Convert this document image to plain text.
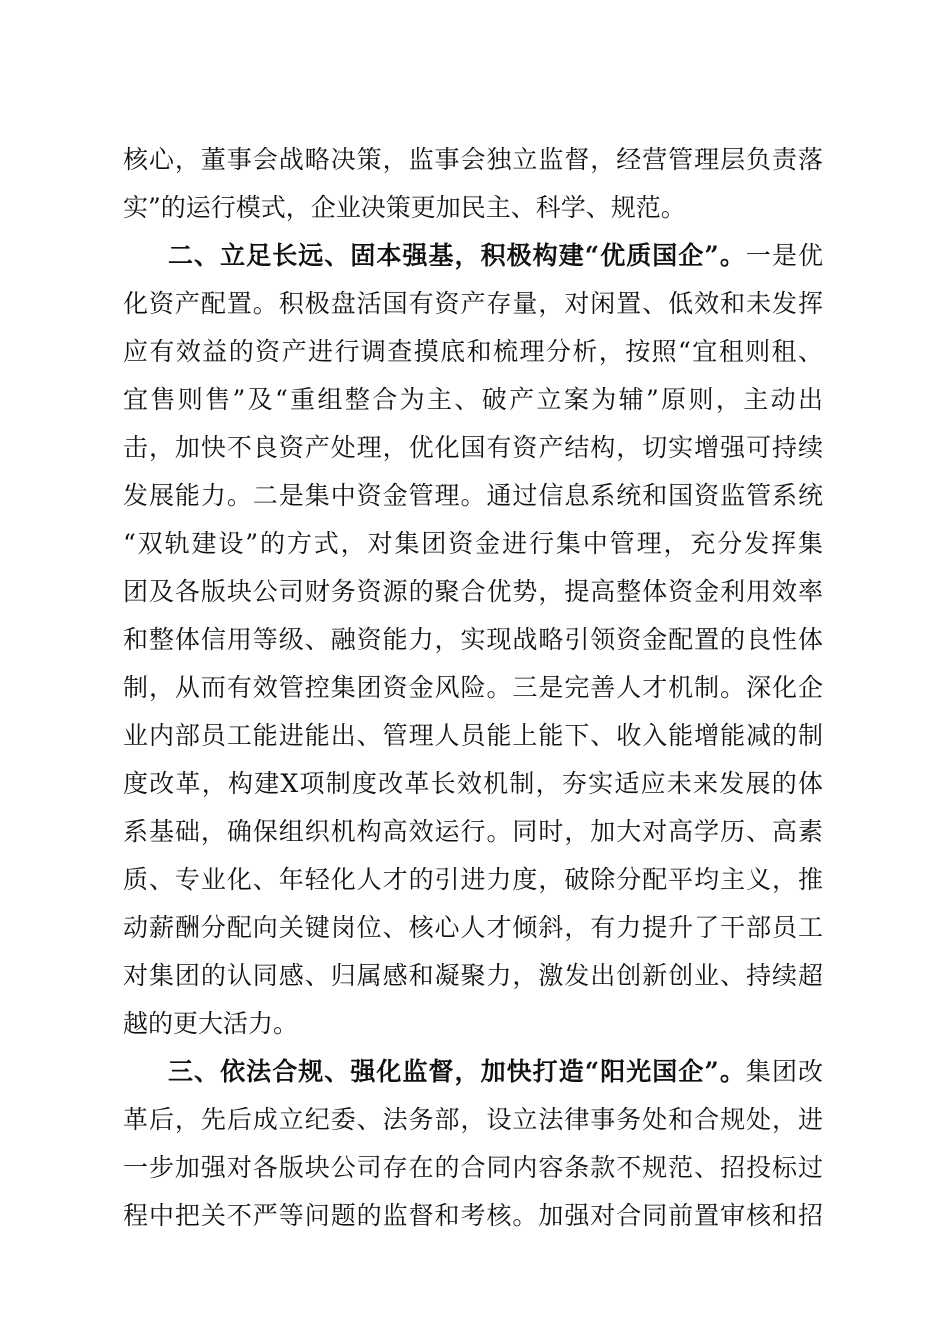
核心，董事会战略决策，监事会独立监督，经营管理层负责落
实”的运行模式，企业决策更加民主、科学、规范。
二、立足长远、固本强基，积极构建“优质国企”。一是优
化资产配置。积极盘活国有资产存量，对闲置、低效和未发挥
应有效益的资产进行调查摸底和梳理分析，按照“宜租则租、
宜售则售”及“重组整合为主、破产立案为辅”原则，主动出
击，加快不良资产处理，优化国有资产结构，切实增强可持续
发展能力。二是集中资金管理。通过信息系统和国资监管系统
“双轨建设”的方式，对集团资金进行集中管理，充分发挥集
团及各版块公司财务资源的聚合优势，提高整体资金利用效率
和整体信用等级、融资能力，实现战略引领资金配置的良性体
制，从而有效管控集团资金风险。三是完善人才机制。深化企
业内部员工能进能出、管理人员能上能下、收入能增能减的制
度改革，构建X项制度改革长效机制，夯实适应未来发展的体
系基础，确保组织机构高效运行。同时，加大对高学历、高素
质、专业化、年轻化人才的引进力度，破除分配平均主义，推
动薪酬分配向关键岗位、核心人才倾斜，有力提升了干部员工
对集团的认同感、归属感和凝聚力，激发出创新创业、持续超
越的更大活力。
三、依法合规、强化监督，加快打造“阳光国企”。集团改
革后，先后成立纪委、法务部，设立法律事务处和合规处，进
一步加强对各版块公司存在的合同内容条款不规范、招投标过
程中把关不严等问题的监督和考核。加强对合同前置审核和招
